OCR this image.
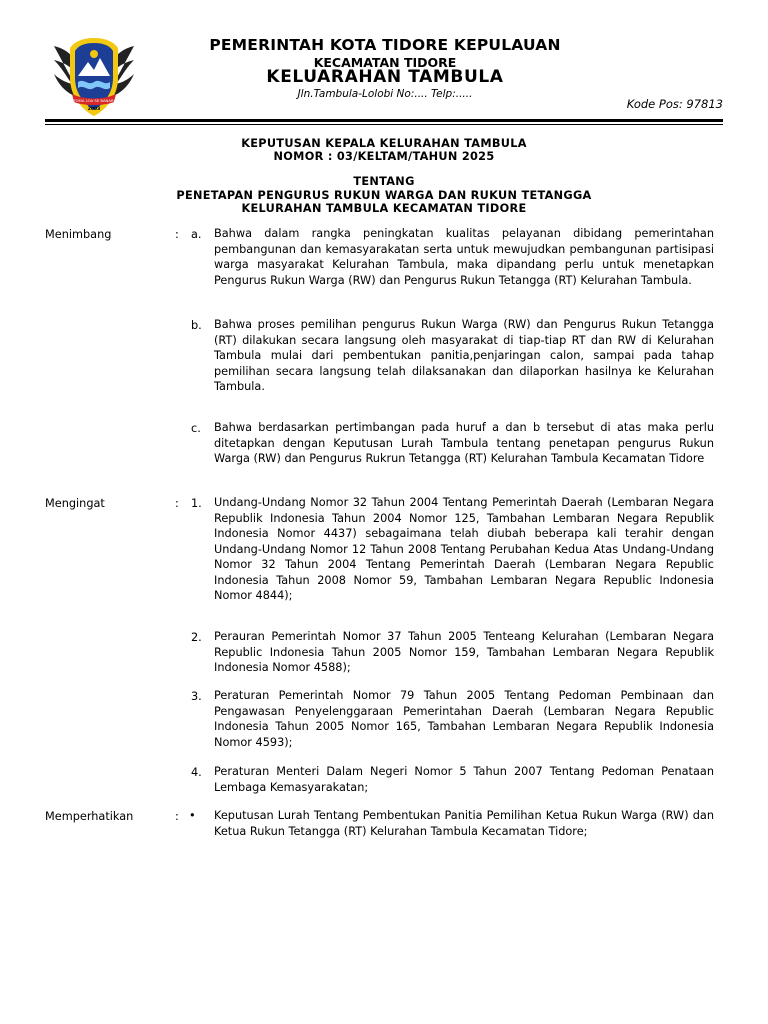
TOMA LOA SE BANARI
2003
PEMERINTAH KOTA TIDORE KEPULAUAN
KECAMATAN TIDORE
KELUARAHAN TAMBULA
Jln.Tambula-Lolobi No:.... Telp:.....
Kode Pos: 97813
KEPUTUSAN KEPALA KELURAHAN TAMBULA
NOMOR : 03/KELTAM/TAHUN 2025
TENTANG
PENETAPAN PENGURUS RUKUN WARGA DAN RUKUN TETANGGA
KELURAHAN TAMBULA KECAMATAN TIDORE
Menimbang	: a. Bahwa dalam rangka peningkatan kualitas pelayanan dibidang pemerintahan pembangunan dan kemasyarakatan serta untuk mewujudkan pembangunan partisipasi warga masyarakat Kelurahan Tambula, maka dipandang perlu untuk menetapkan Pengurus Rukun Warga (RW) dan Pengurus Rukun Tetangga (RT) Kelurahan Tambula.
b. Bahwa proses pemilihan pengurus Rukun Warga (RW) dan Pengurus Rukun Tetangga (RT) dilakukan secara langsung oleh masyarakat di tiap-tiap RT dan RW di Kelurahan Tambula mulai dari pembentukan panitia,penjaringan calon, sampai pada tahap pemilihan secara langsung telah dilaksanakan dan dilaporkan hasilnya ke Kelurahan Tambula.
c. Bahwa berdasarkan pertimbangan pada huruf a dan b tersebut di atas maka perlu ditetapkan dengan Keputusan Lurah Tambula tentang penetapan pengurus Rukun Warga (RW) dan Pengurus Rukrun Tetangga (RT) Kelurahan Tambula Kecamatan Tidore
Mengingat	: 1. Undang-Undang Nomor 32 Tahun 2004 Tentang Pemerintah Daerah (Lembaran Negara Republik Indonesia Tahun 2004 Nomor 125, Tambahan Lembaran Negara Republik Indonesia Nomor 4437) sebagaimana telah diubah beberapa kali terahir dengan Undang-Undang Nomor 12 Tahun 2008 Tentang Perubahan Kedua Atas Undang-Undang Nomor 32 Tahun 2004 Tentang Pemerintah Daerah (Lembaran Negara Republic Indonesia Tahun 2008 Nomor 59, Tambahan Lembaran Negara Republic Indonesia Nomor 4844);
2. Perauran Pemerintah Nomor 37 Tahun 2005 Tenteang Kelurahan (Lembaran Negara Republic Indonesia Tahun 2005 Nomor 159, Tambahan Lembaran Negara Republik Indonesia Nomor 4588);
3. Peraturan Pemerintah Nomor 79 Tahun 2005 Tentang Pedoman Pembinaan dan Pengawasan Penyelenggaraan Pemerintahan Daerah (Lembaran Negara Republic Indonesia Tahun 2005 Nomor 165, Tambahan Lembaran Negara Republik Indonesia Nomor 4593);
4. Peraturan Menteri Dalam Negeri Nomor 5 Tahun 2007 Tentang Pedoman Penataan Lembaga Kemasyarakatan;
Memperhatikan	: • Keputusan Lurah Tentang Pembentukan Panitia Pemilihan Ketua Rukun Warga (RW) dan Ketua Rukun Tetangga (RT) Kelurahan Tambula Kecamatan Tidore;
